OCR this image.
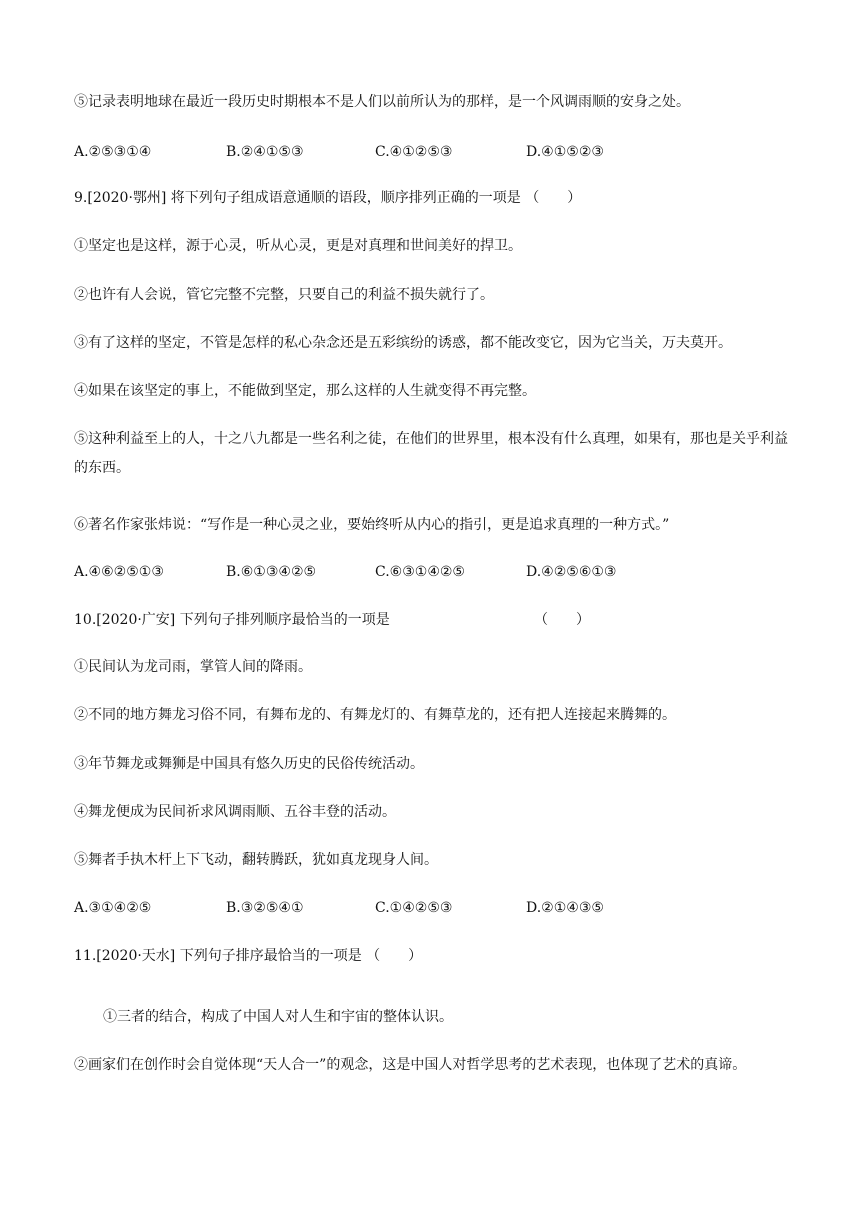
⑤记录表明地球在最近一段历史时期根本不是人们以前所认为的那样，是一个风调雨顺的安身之处。
A.②⑤③①④	B.②④①⑤③	C.④①②⑤③	D.④①⑤②③
9.[2020·鄂州] 将下列句子组成语意通顺的语段，顺序排列正确的一项是 （　　）
①坚定也是这样，源于心灵，听从心灵，更是对真理和世间美好的捍卫。
②也许有人会说，管它完整不完整，只要自己的利益不损失就行了。
③有了这样的坚定，不管是怎样的私心杂念还是五彩缤纷的诱惑，都不能改变它，因为它当关，万夫莫开。
④如果在该坚定的事上，不能做到坚定，那么这样的人生就变得不再完整。
⑤这种利益至上的人，十之八九都是一些名利之徒，在他们的世界里，根本没有什么真理，如果有，那也是关乎利益的东西。
⑥著名作家张炜说：“写作是一种心灵之业，要始终听从内心的指引，更是追求真理的一种方式。”
A.④⑥②⑤①③	B.⑥①③④②⑤	C.⑥③①④②⑤	D.④②⑤⑥①③
10.[2020·广安] 下列句子排列顺序最恰当的一项是	（　　）
①民间认为龙司雨，掌管人间的降雨。
②不同的地方舞龙习俗不同，有舞布龙的、有舞龙灯的、有舞草龙的，还有把人连接起来腾舞的。
③年节舞龙或舞狮是中国具有悠久历史的民俗传统活动。
④舞龙便成为民间祈求风调雨顺、五谷丰登的活动。
⑤舞者手执木杆上下飞动，翻转腾跃，犹如真龙现身人间。
A.③①④②⑤	B.③②⑤④①	C.①④②⑤③	D.②①④③⑤
11.[2020·天水] 下列句子排序最恰当的一项是 （　　）
①三者的结合，构成了中国人对人生和宇宙的整体认识。
②画家们在创作时会自觉体现“天人合一”的观念，这是中国人对哲学思考的艺术表现，也体现了艺术的真谛。
